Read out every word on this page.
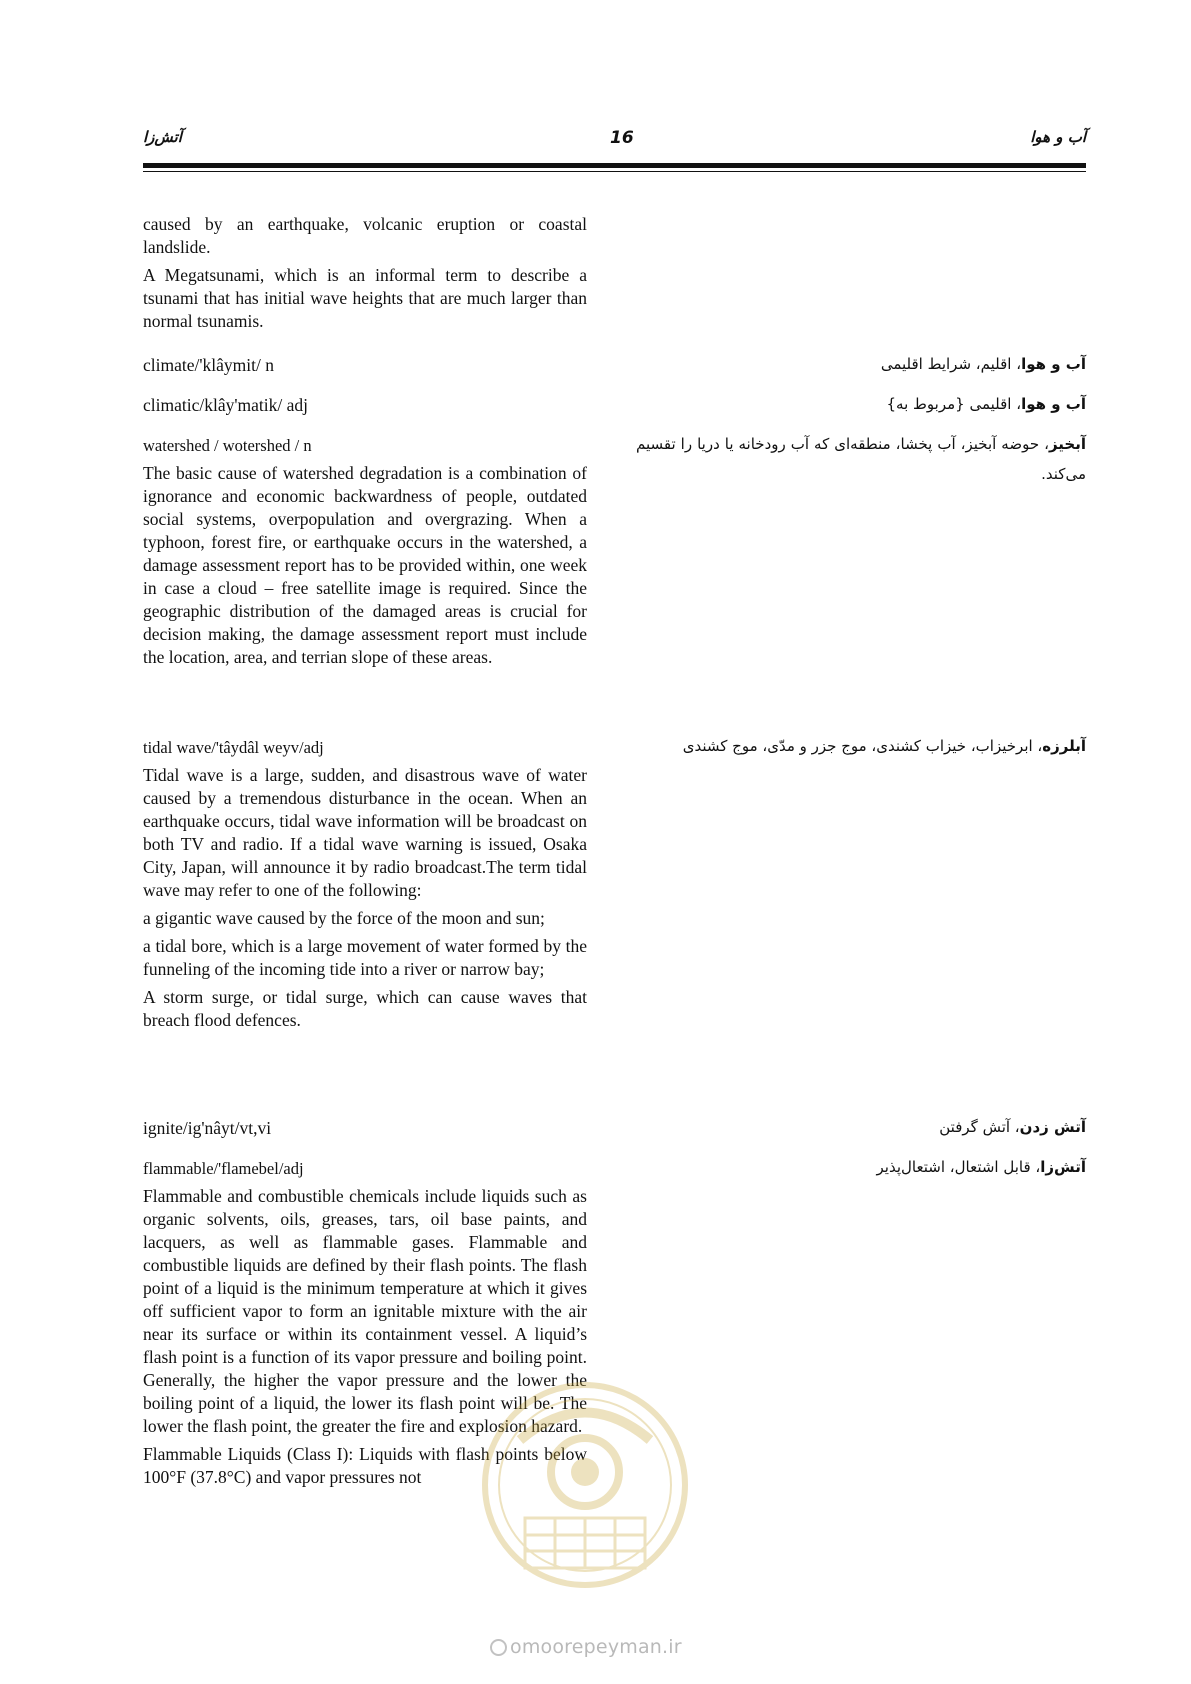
آتش‌زا	16	آب و هوا

caused by an earthquake, volcanic eruption or coastal landslide.

A Megatsunami, which is an informal term to describe a tsunami that has initial wave heights that are much larger than normal tsunamis.

climate/'klâymit/ n
climatic/klây'matik/ adj

watershed / wotershed / n

The basic cause of watershed degradation is a combination of ignorance and economic backwardness of people, outdated social systems, overpopulation and overgrazing. When a typhoon, forest fire, or earthquake occurs in the watershed, a damage assessment report has to be provided within, one week in case a cloud – free satellite image is required. Since the geographic distribution of the damaged areas is crucial for decision making, the damage assessment report must include the location, area, and terrian slope of these areas.

tidal wave/'tâydâl weyv/adj

Tidal wave is a large, sudden, and disastrous wave of water caused by a tremendous disturbance in the ocean. When an earthquake occurs, tidal wave information will be broadcast on both TV and radio. If a tidal wave warning is issued, Osaka City, Japan, will announce it by radio broadcast.The term tidal wave may refer to one of the following:

a gigantic wave caused by the force of the moon and sun;

a tidal bore, which is a large movement of water formed by the funneling of the incoming tide into a river or narrow bay;

A storm surge, or tidal surge, which can cause waves that breach flood defences.

ignite/ig'nâyt/vt,vi

flammable/'flamebel/adj

Flammable and combustible chemicals include liquids such as organic solvents, oils, greases, tars, oil base paints, and lacquers, as well as flammable gases. Flammable and combustible liquids are defined by their flash points. The flash point of a liquid is the minimum temperature at which it gives off sufficient vapor to form an ignitable mixture with the air near its surface or within its containment vessel. A liquid’s flash point is a function of its vapor pressure and boiling point. Generally, the higher the vapor pressure and the lower the boiling point of a liquid, the lower its flash point will be. The lower the flash point, the greater the fire and explosion hazard.

Flammable Liquids (Class I): Liquids with flash points below 100°F (37.8°C) and vapor pressures not

آب و هوا، اقلیم، شرایط اقلیمی
آب و هوا، اقلیمی {مربوط به}
آبخیز، حوضه آبخیز، آب پخشا، منطقه‌ای که آب رودخانه یا دریا را تقسیم می‌کند.
آبلرزه، ابرخیزاب، خیزاب کشندی، موج جزر و مدّی، موج کشندی
آتش زدن، آتش گرفتن
آتش‌زا، قابل اشتعال، اشتعال‌پذیر
omoorepeyman.ir
